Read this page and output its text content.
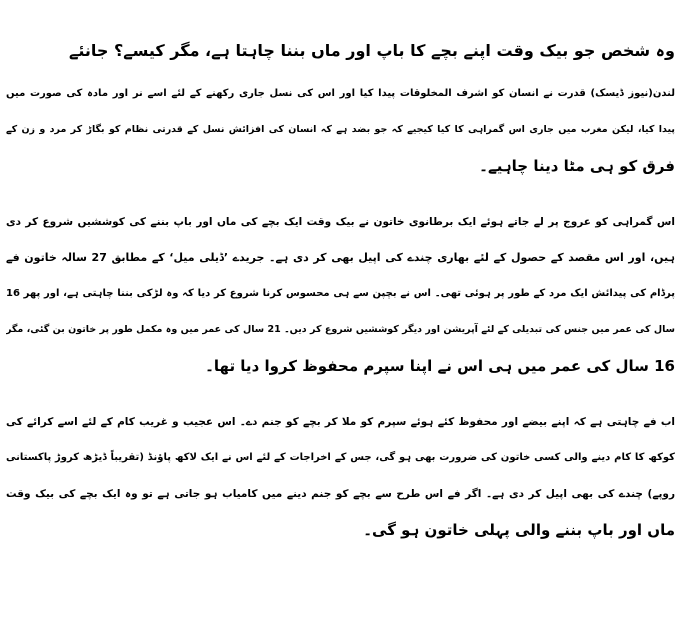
وہ شخص جو بیک وقت اپنے بچے کا باپ اور ماں بننا چاہتا ہے، مگر کیسے؟ جانئے

لندن(نیوز ڈیسک) قدرت نے انسان کو اشرف المخلوقات پیدا کیا اور اس کی نسل جاری رکھنے کے لئے اسے نر اور مادہ کی صورت میں
پیدا کیا، لیکن مغرب میں جاری اس گمراہی کا کیا کیجیے کہ جو بضد ہے کہ انسان کی افزائش نسل کے قدرتی نظام کو بگاڑ کر مرد و زن کے
فرق کو ہی مٹا دینا چاہیے۔

اس گمراہی کو عروج پر لے جاتے ہوئے ایک برطانوی خاتون نے بیک وقت ایک بچے کی ماں اور باپ بننے کی کوششیں شروع کر دی
ہیں، اور اس مقصد کے حصول کے لئے بھاری چندے کی اپیل بھی کر دی ہے۔ جریدے ’ڈیلی میل‘ کے مطابق 27 سالہ خاتون فے
پرڈام کی پیدائش ایک مرد کے طور پر ہوئی تھی۔ اس نے بچپن سے ہی محسوس کرنا شروع کر دیا کہ وہ لڑکی بننا چاہتی ہے، اور پھر 16
سال کی عمر میں جنس کی تبدیلی کے لئے آپریشن اور دیگر کوششیں شروع کر دیں۔ 21 سال کی عمر میں وہ مکمل طور پر خاتون بن گئی، مگر
16 سال کی عمر میں ہی اس نے اپنا سپرم محفوظ کروا دیا تھا۔

اب فے چاہتی ہے کہ اپنے بیضے اور محفوظ کئے ہوئے سپرم کو ملا کر بچے کو جنم دے۔ اس عجیب و غریب کام کے لئے اسے کرائے کی
کوکھ کا کام دینے والی کسی خاتون کی ضرورت بھی ہو گی، جس کے اخراجات کے لئے اس نے ایک لاکھ پاؤنڈ (تقریباً ڈیڑھ کروڑ پاکستانی
روپے) چندے کی بھی اپیل کر دی ہے۔ اگر فے اس طرح سے بچے کو جنم دینے میں کامیاب ہو جاتی ہے تو وہ ایک بچے کی بیک وقت
ماں اور باپ بننے والی پہلی خاتون ہو گی۔
